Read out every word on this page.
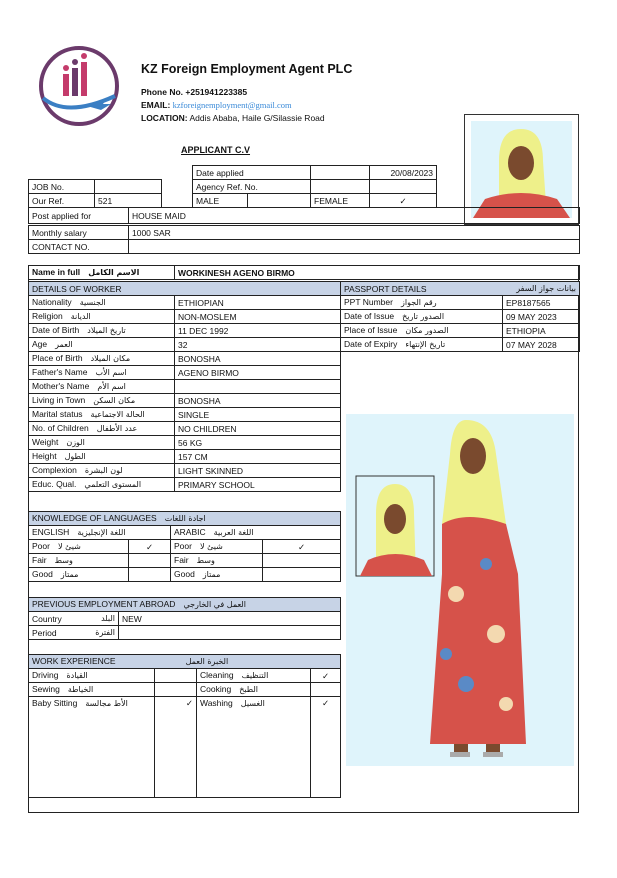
KZ Foreign Employment Agent PLC
Phone No. +251941223385
EMAIL: kzforeignemployment@gmail.com
LOCATION: Addis Ababa, Haile G/Silassie Road
APPLICANT C.V
Date applied		20/08/2023
JOB No.	
Our Ref.	521
Agency Ref. No.			
MALE		FEMALE	✓
Post applied for	HOUSE MAID
Monthly salary	1000 SAR
CONTACT NO.	
Name in full الاسم الكامل	WORKINESH AGENO BIRMO
DETAILS OF WORKER	
Nationality الجنسية	ETHIOPIAN
Religion الديانة	NON-MOSLEM
Date of Birth تاريخ الميلاد	11 DEC 1992
Age العمر	32
Place of Birth مكان الميلاد	BONOSHA
Father's Name اسم الأب	AGENO BIRMO
Mother's Name اسم الأم	
Living in Town مكان السكن	BONOSHA
Marital status الحالة الاجتماعية	SINGLE
No. of Children عدد الأطفال	NO CHILDREN
Weight الوزن	56 KG
Height الطول	157 CM
Complexion لون البشرة	LIGHT SKINNED
Educ. Qual. المستوى التعلمي	PRIMARY SCHOOL
PASSPORT DETAILS بيانات جواز السفر	

PPT Number رقم الجواز	EP8187565
Date of Issue الصدور تاريخ	09 MAY 2023
Place of Issue الصدور مكان	ETHIOPIA
Date of Expiry تاريخ الإنتهاء	07 MAY 2028
KNOWLEDGE OF LANGUAGES اجادة اللغات			
ENGLISH اللغة الإنجليزية		ARABIC اللغة العربية	
Poor شيئ لا	✓	Poor شيئ لا	✓
Fair وسط		Fair وسط	
Good ممتاز		Good ممتاز	
PREVIOUS EMPLOYMENT ABROAD العمل في الخارجي	
Country البلد	NEW
Period الفترة	

WORK EXPERIENCE الخبرة العمل			
Driving القيادة		Cleaning التنظيف	✓
Sewing الخياطة		Cooking الطبخ	
Baby Sitting الأط مجالسة	✓	Washing الغسيل	✓
